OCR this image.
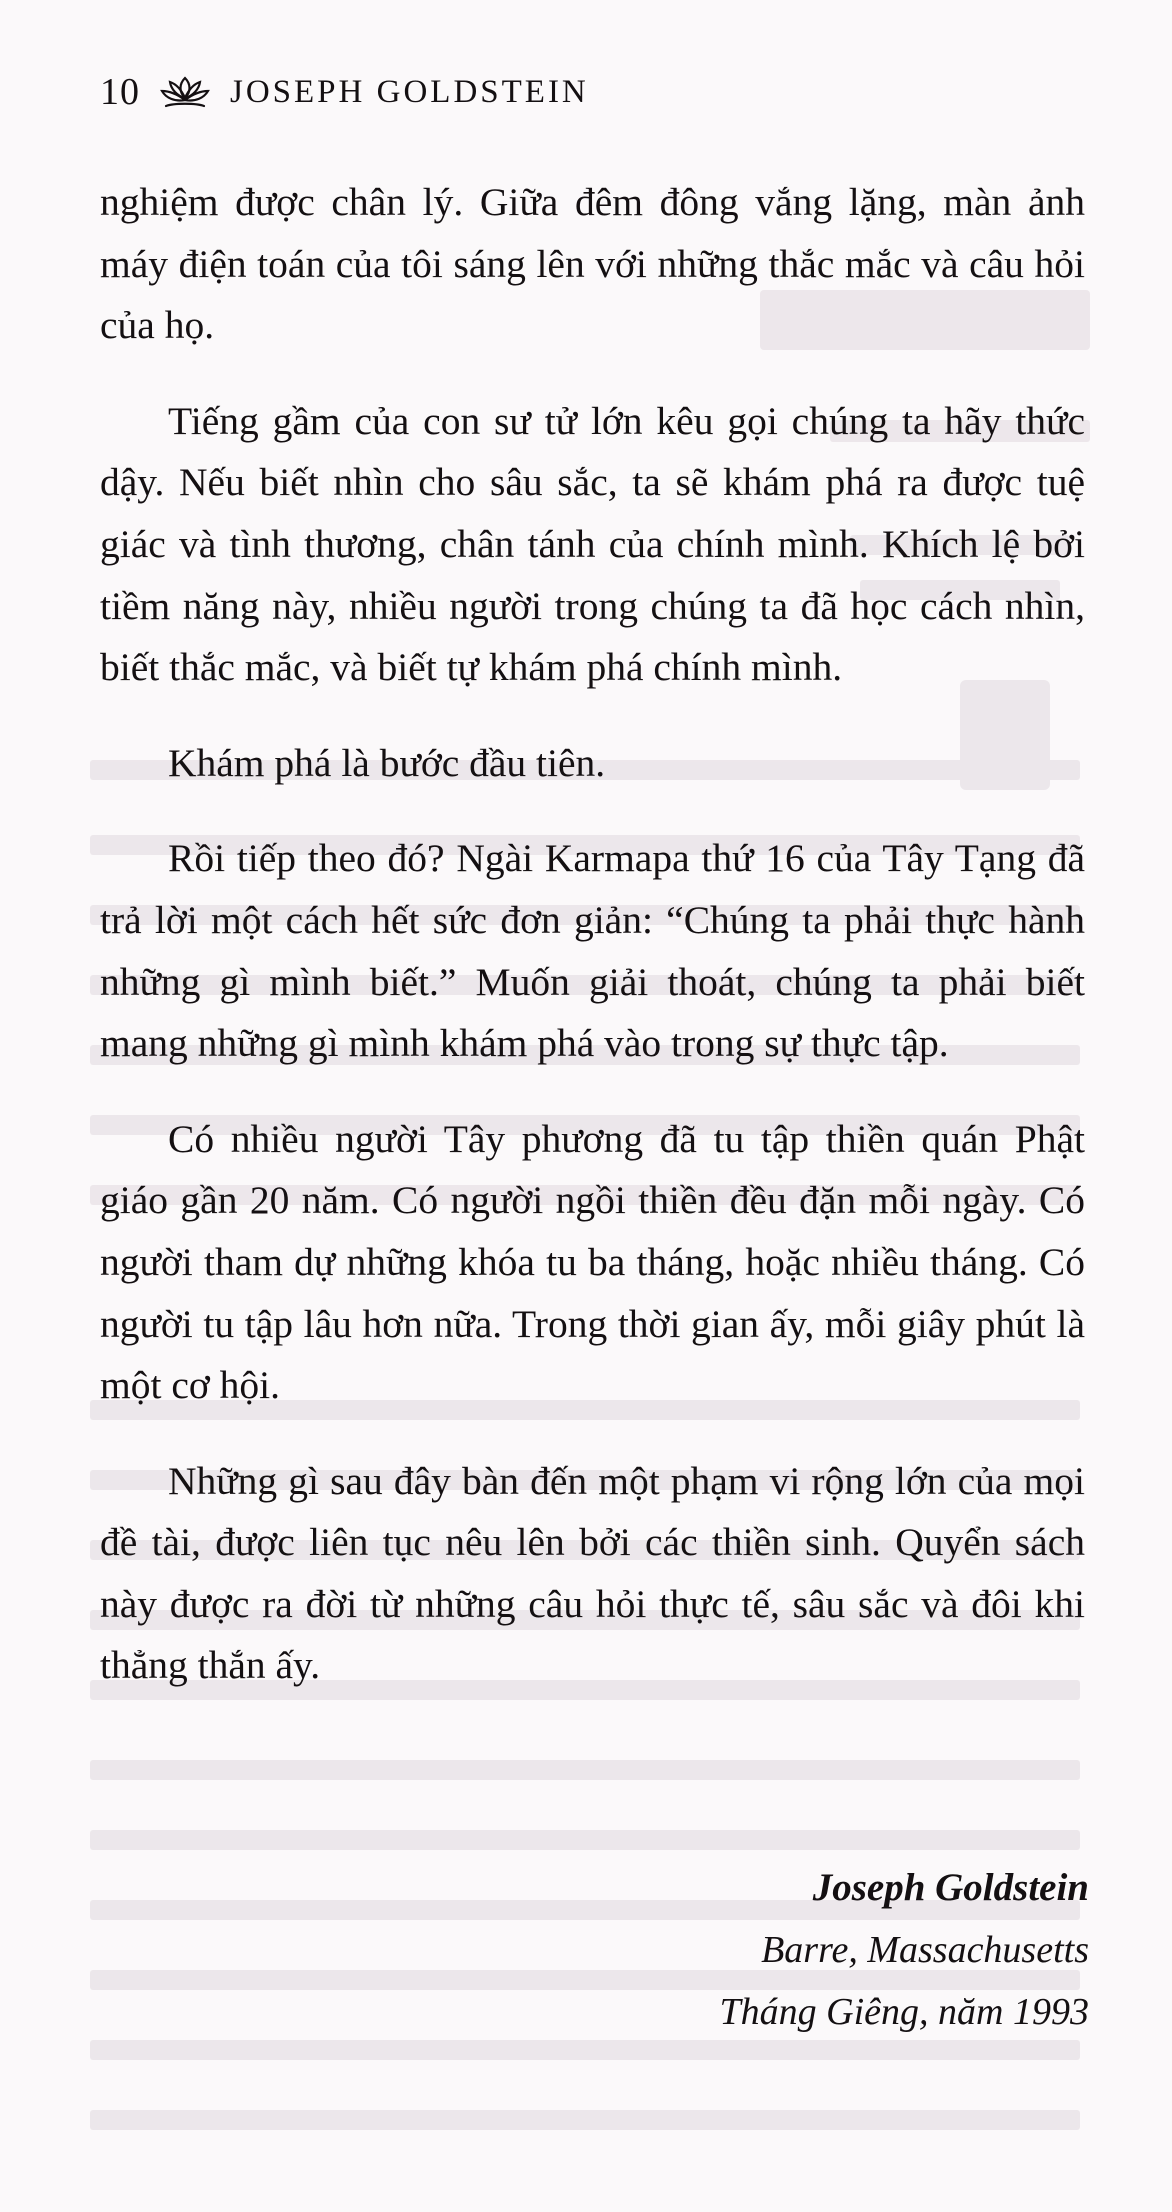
10	JOSEPH GOLDSTEIN

nghiệm được chân lý. Giữa đêm đông vắng lặng, màn ảnh máy điện toán của tôi sáng lên với những thắc mắc và câu hỏi của họ.

Tiếng gầm của con sư tử lớn kêu gọi chúng ta hãy thức dậy. Nếu biết nhìn cho sâu sắc, ta sẽ khám phá ra được tuệ giác và tình thương, chân tánh của chính mình. Khích lệ bởi tiềm năng này, nhiều người trong chúng ta đã học cách nhìn, biết thắc mắc, và biết tự khám phá chính mình.

Khám phá là bước đầu tiên.

Rồi tiếp theo đó? Ngài Karmapa thứ 16 của Tây Tạng đã trả lời một cách hết sức đơn giản: “Chúng ta phải thực hành những gì mình biết.” Muốn giải thoát, chúng ta phải biết mang những gì mình khám phá vào trong sự thực tập.

Có nhiều người Tây phương đã tu tập thiền quán Phật giáo gần 20 năm. Có người ngồi thiền đều đặn mỗi ngày. Có người tham dự những khóa tu ba tháng, hoặc nhiều tháng. Có người tu tập lâu hơn nữa. Trong thời gian ấy, mỗi giây phút là một cơ hội.

Những gì sau đây bàn đến một phạm vi rộng lớn của mọi đề tài, được liên tục nêu lên bởi các thiền sinh. Quyển sách này được ra đời từ những câu hỏi thực tế, sâu sắc và đôi khi thẳng thắn ấy.

Joseph Goldstein
Barre, Massachusetts
Tháng Giêng, năm 1993
